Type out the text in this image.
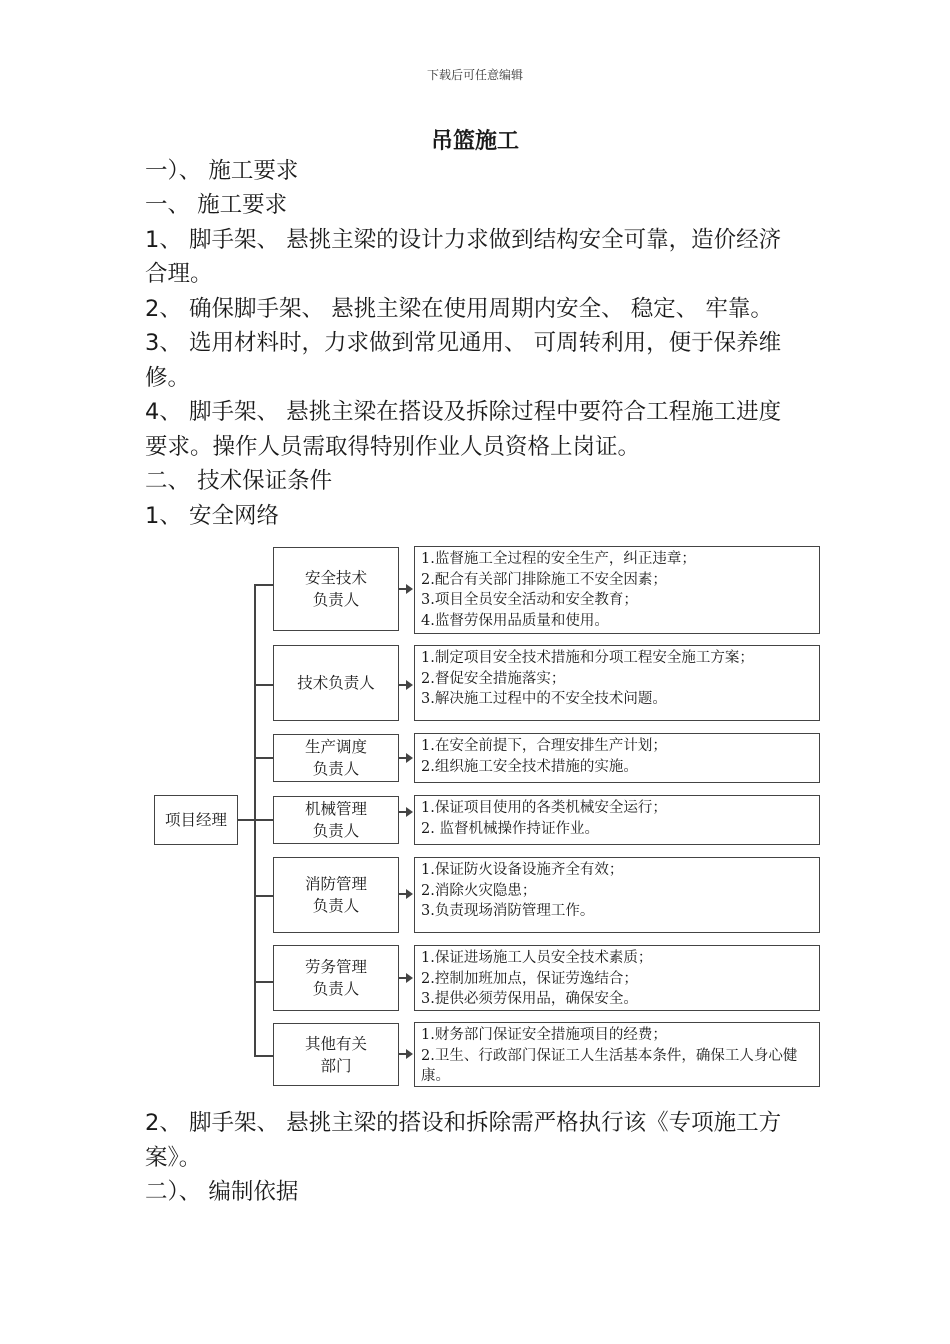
下载后可任意编辑
吊篮施工
一）、 施工要求
一、 施工要求
1、 脚手架、 悬挑主梁的设计力求做到结构安全可靠，造价经济
合理。
2、 确保脚手架、 悬挑主梁在使用周期内安全、 稳定、 牢靠。
3、 选用材料时，力求做到常见通用、 可周转利用，便于保养维
修。
4、 脚手架、 悬挑主梁在搭设及拆除过程中要符合工程施工进度
要求。操作人员需取得特别作业人员资格上岗证。
二、 技术保证条件
1、 安全网络
项目经理
安全技术
负责人
1.监督施工全过程的安全生产，纠正违章；
2.配合有关部门排除施工不安全因素；
3.项目全员安全活动和安全教育；
4.监督劳保用品质量和使用。
技术负责人
1.制定项目安全技术措施和分项工程安全施工方案；
2.督促安全措施落实；
3.解决施工过程中的不安全技术问题。
生产调度
负责人
1.在安全前提下，合理安排生产计划；
2.组织施工安全技术措施的实施。
机械管理
负责人
1.保证项目使用的各类机械安全运行；
2. 监督机械操作持证作业。
消防管理
负责人
1.保证防火设备设施齐全有效；
2.消除火灾隐患；
3.负责现场消防管理工作。
劳务管理
负责人
1.保证进场施工人员安全技术素质；
2.控制加班加点，保证劳逸结合；
3.提供必须劳保用品，确保安全。
其他有关
部门
1.财务部门保证安全措施项目的经费；
2.卫生、行政部门保证工人生活基本条件，确保工人身心健康。
2、 脚手架、 悬挑主梁的搭设和拆除需严格执行该《专项施工方
案》。
二）、 编制依据
